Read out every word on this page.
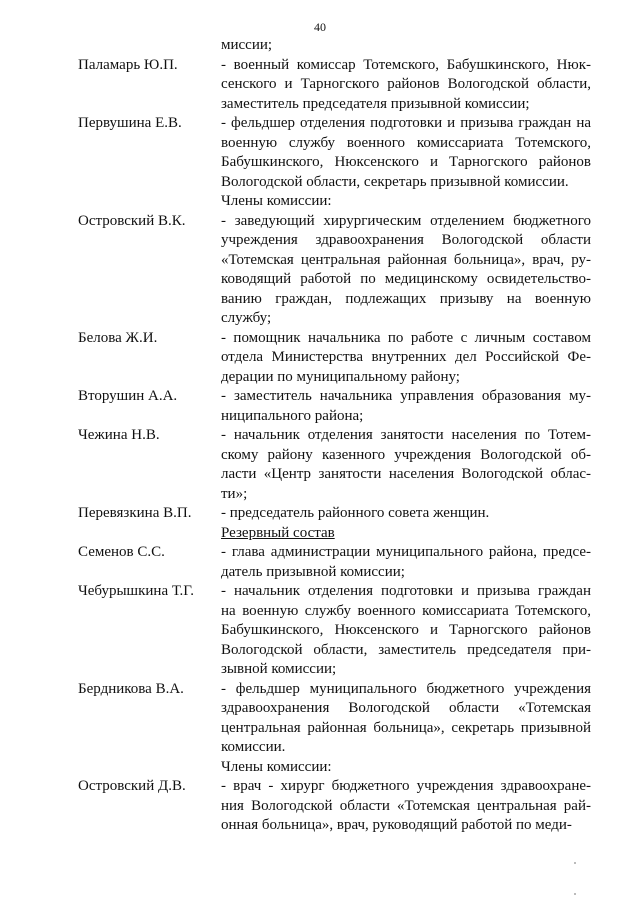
40
миссии;
Паламарь Ю.П.	- военный комиссар Тотемского, Бабушкинского, Нюк-
сенского и Тарногского районов Вологодской области,
заместитель председателя призывной комиссии;
Первушина Е.В.	- фельдшер отделения подготовки и призыва граждан на
военную службу военного комиссариата Тотемского,
Бабушкинского, Нюксенского и Тарногского районов
Вологодской области, секретарь призывной комиссии.
Члены комиссии:
Островский В.К. - заведующий хирургическим отделением бюджетного
учреждения здравоохранения Вологодской области
«Тотемская центральная районная больница», врач, ру-
ководящий работой по медицинскому освидетельство-
ванию граждан, подлежащих призыву на военную
службу;
Белова Ж.И.	- помощник начальника по работе с личным составом
отдела Министерства внутренних дел Российской Фе-
дерации по муниципальному району;
Вторушин А.А.	- заместитель начальника управления образования му-
ниципального района;
Чежина Н.В.	- начальник отделения занятости населения по Тотем-
скому району казенного учреждения Вологодской об-
ласти «Центр занятости населения Вологодской облас-
ти»;
Перевязкина В.П. - председатель районного совета женщин.
Резервный состав
Семенов С.С.	- глава администрации муниципального района, предсе-
датель призывной комиссии;
Чебурышкина Т.Г. - начальник отделения подготовки и призыва граждан
на военную службу военного комиссариата Тотемского,
Бабушкинского, Нюксенского и Тарногского районов
Вологодской области, заместитель председателя при-
зывной комиссии;
Бердникова В.А. - фельдшер муниципального бюджетного учреждения
здравоохранения Вологодской области «Тотемская
центральная районная больница», секретарь призывной
комиссии.
Члены комиссии:
Островский Д.В. - врач - хирург бюджетного учреждения здравоохране-
ния Вологодской области «Тотемская центральная рай-
онная больница», врач, руководящий работой по меди-
